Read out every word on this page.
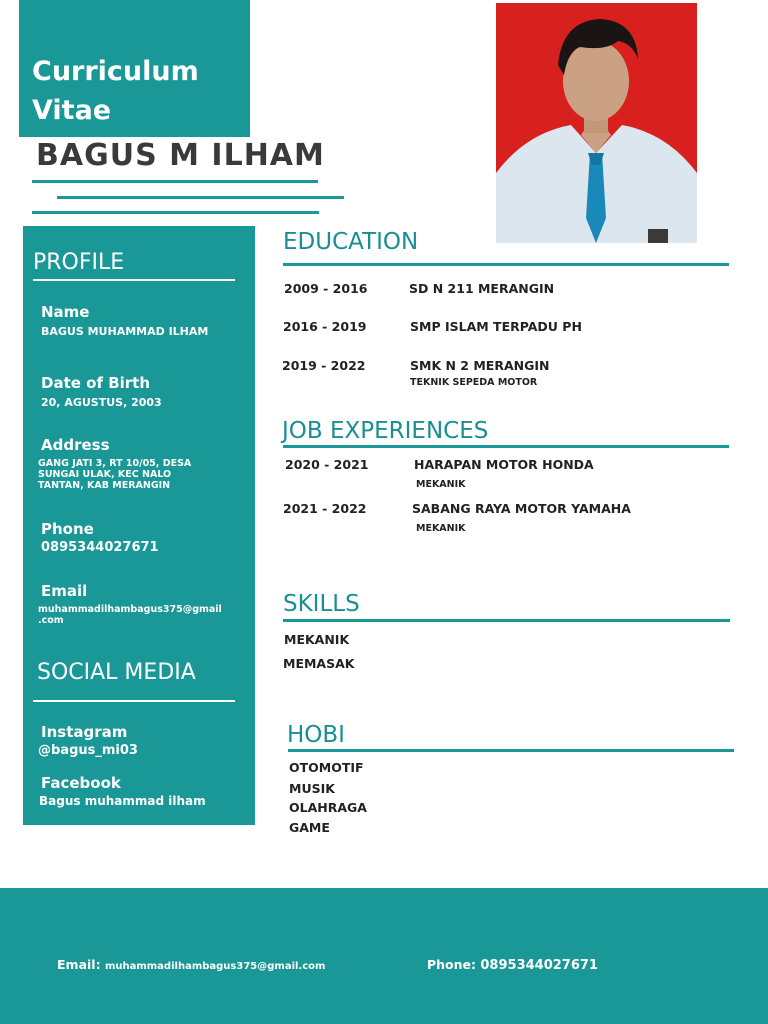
Curriculum
Vitae
BAGUS M ILHAM
PROFILE
Name
BAGUS MUHAMMAD ILHAM
Date of Birth
20, AGUSTUS, 2003
Address
GANG JATI 3, RT 10/05, DESA
SUNGAI ULAK, KEC NALO
TANTAN, KAB MERANGIN
Phone
0895344027671
Email
muhammadilhambagus375@gmail
.com
SOCIAL MEDIA
Instagram
@bagus_mi03
Facebook
Bagus muhammad ilham
EDUCATION
2009 - 2016	SD N 211 MERANGIN
2016 - 2019	SMP ISLAM TERPADU PH
2019 - 2022	SMK N 2 MERANGIN
TEKNIK SEPEDA MOTOR
JOB EXPERIENCES
2020 - 2021	HARAPAN MOTOR HONDA
MEKANIK
2021 - 2022	SABANG RAYA MOTOR YAMAHA
MEKANIK
SKILLS
MEKANIK
MEMASAK
HOBI
OTOMOTIF
MUSIK
OLAHRAGA
GAME
Email: muhammadilhambagus375@gmail.com	Phone: 0895344027671
